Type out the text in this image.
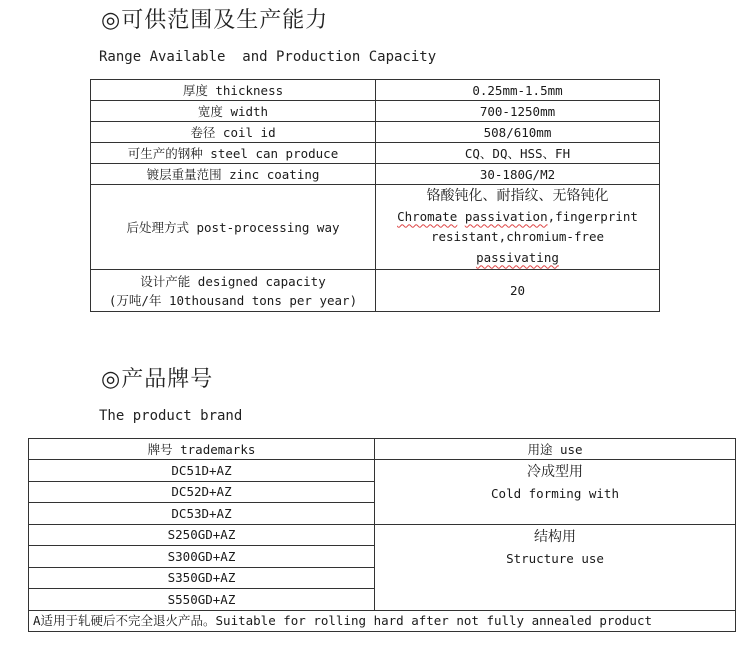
◎可供范围及生产能力
Range Available  and Production Capacity
厚度 thickness	0.25mm-1.5mm
宽度 width	700-1250mm
卷径 coil id	508/610mm
可生产的钢种 steel can produce	CQ、DQ、HSS、FH
镀层重量范围 zinc coating	30-180G/M2
后处理方式 post-processing way	铬酸钝化、耐指纹、无铬钝化
Chromate passivation,fingerprint
resistant,chromium-free
passivating

设计产能 designed capacity
(万吨/年 10thousand tons per year)	20
◎产品牌号
The product brand
牌号 trademarks	用途 use
DC51D+AZ	冷成型用
Cold forming with

DC52D+AZ	
DC53D+AZ	
S250GD+AZ	结构用
Structure use

S300GD+AZ	
S350GD+AZ	
S550GD+AZ	
A适用于轧硬后不完全退火产品。Suitable for rolling hard after not fully annealed product	
